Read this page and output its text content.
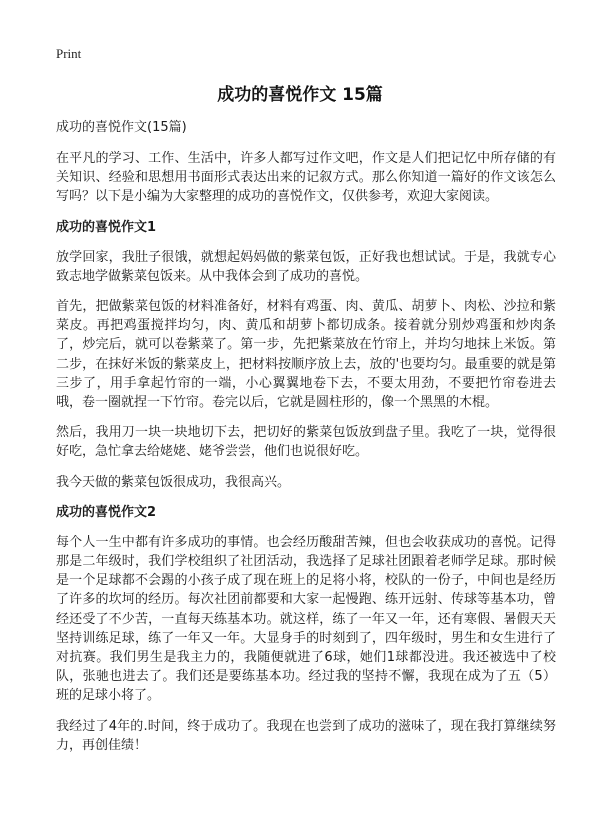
Print
成功的喜悦作文 15篇
成功的喜悦作文(15篇)

在平凡的学习、工作、生活中，许多人都写过作文吧，作文是人们把记忆中所存储的有关知识、经验和思想用书面形式表达出来的记叙方式。那么你知道一篇好的作文该怎么写吗？以下是小编为大家整理的成功的喜悦作文，仅供参考，欢迎大家阅读。

成功的喜悦作文1

放学回家，我肚子很饿，就想起妈妈做的紫菜包饭，正好我也想试试。于是，我就专心致志地学做紫菜包饭来。从中我体会到了成功的喜悦。

首先，把做紫菜包饭的材料准备好，材料有鸡蛋、肉、黄瓜、胡萝卜、肉松、沙拉和紫菜皮。再把鸡蛋搅拌均匀，肉、黄瓜和胡萝卜都切成条。接着就分别炒鸡蛋和炒肉条了，炒完后，就可以卷紫菜了。第一步，先把紫菜放在竹帘上，并均匀地抹上米饭。第二步，在抹好米饭的紫菜皮上，把材料按顺序放上去，放的'也要均匀。最重要的就是第三步了，用手拿起竹帘的一端，小心翼翼地卷下去，不要太用劲，不要把竹帘卷进去哦，卷一圈就捏一下竹帘。卷完以后，它就是圆柱形的，像一个黑黑的木棍。

然后，我用刀一块一块地切下去，把切好的紫菜包饭放到盘子里。我吃了一块，觉得很好吃，急忙拿去给姥姥、姥爷尝尝，他们也说很好吃。

我今天做的紫菜包饭很成功，我很高兴。

成功的喜悦作文2

每个人一生中都有许多成功的事情。也会经历酸甜苦辣，但也会收获成功的喜悦。记得那是二年级时，我们学校组织了社团活动，我选择了足球社团跟着老师学足球。那时候是一个足球都不会踢的小孩子成了现在班上的足将小将，校队的一份子，中间也是经历了许多的坎坷的经历。每次社团前都要和大家一起慢跑、练开远射、传球等基本功，曾经还受了不少苦，一直每天练基本功。就这样，练了一年又一年，还有寒假、暑假天天坚持训练足球，练了一年又一年。大显身手的时刻到了，四年级时，男生和女生进行了对抗赛。我们男生是我主力的，我随便就进了6球，她们1球都没进。我还被选中了校队，张驰也进去了。我们还是要练基本功。经过我的坚持不懈，我现在成为了五（5）班的足球小将了。

我经过了4年的.时间，终于成功了。我现在也尝到了成功的滋味了，现在我打算继续努力，再创佳绩！
